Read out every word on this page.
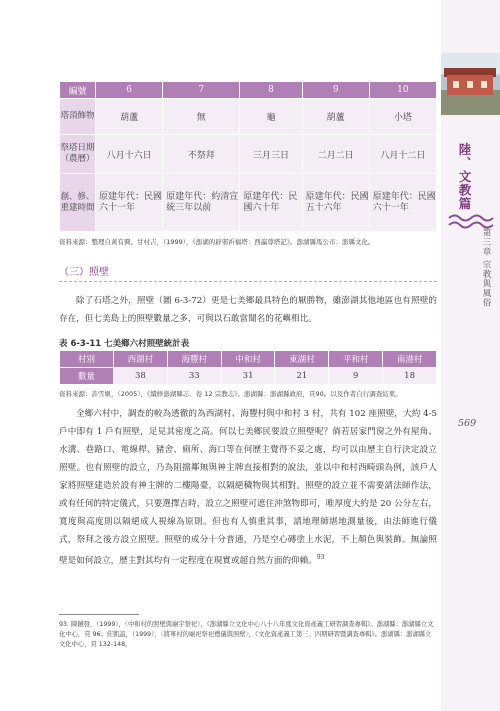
陸、文教篇
第三章 宗教與風俗
569
編號	6	7	8	9	10
塔頂飾物	葫蘆	無	龜	葫蘆	小塔
祭塔日期（農曆）	八月十六日	不祭拜	三月三日	二月二日	八月十二日
創、修、重建時間	原建年代：民國六十一年	原建年代：約清宣統三年以前	原建年代：民國六十年	原建年代：民國五十六年	原建年代：民國六十一年
資料來源：整理自黃有興、甘村吉，（1999），《澎湖的辟邪祈福塔：西瀛尊塔記》。澎湖縣馬公市：澎縣文化。
（三）照壁
除了石塔之外，照壁（圖 6-3-72）更是七美鄉最具特色的厭勝物，雖澎湖其他地區也有照壁的存在，但七美島上的照壁數量之多，可與以石敢當聞名的花嶼相比。
表 6-3-11 七美鄉六村照壁統計表
村別	西湖村	海豐村	中和村	東湖村	平和村	南港村
數量	38	33	31	21	9	18
資料來源：許雪姬，（2005），《續修澎湖縣志．卷 12 宗教志》。澎湖縣：澎湖縣政府，頁90。以及作者自行調查結果。
全鄉六村中，調查的較為透徹的為西湖村、海豐村與中和村 3 村，共有 102 座照壁，大約 4-5 戶中即有 1 戶有照壁，足見其密度之高。何以七美鄉民要設立照壁呢？倘若居家門窗之外有屋角、水溝、巷路口、電線桿、豬舍、廁所、海口等在何歷主覺得不妥之處，均可以由歷主自行決定設立照壁。也有照壁的設立，乃為阻擋鄰無與神主牌直接相對的說法，並以中和村西畸頭為例，該戶人家將照壁建造於設有神主牌的二樓陽臺，以隔絕穢物與其相對。照壁的設立並不需要請法師作法，或有任何的特定儀式，只要選擇吉時，設立之照壁可遮住沖煞物即可，唯厚度大約是 20 公分左右，寬度與高度則以隔絕成人視線為原則。但也有人慎重其事，請地理師堪地測量後，由法師進行儀式，祭拜之後方設立照壁。照壁的成分十分普通，乃是空心磚塗上水泥，不上顏色與裝飾。無論照壁是如何設立，歷主對其均有一定程度在現實或超自然方面的仰賴。$^{93}$
93. 陳鏡發，（1999），〈中和村的照壁與廟宇祭祀〉，《澎湖縣立文化中心八十八年度文化資產義工研習調查專輯》。澎湖縣：澎湖縣立文化中心，頁 96；莊凱誼，（1999），〈將軍村的廟祀祭祀禮儀與照壁〉，《文化資產義工第三、四期研習暨調查專輯》。澎湖縣：澎湖縣立文化中心，頁 132-148。
